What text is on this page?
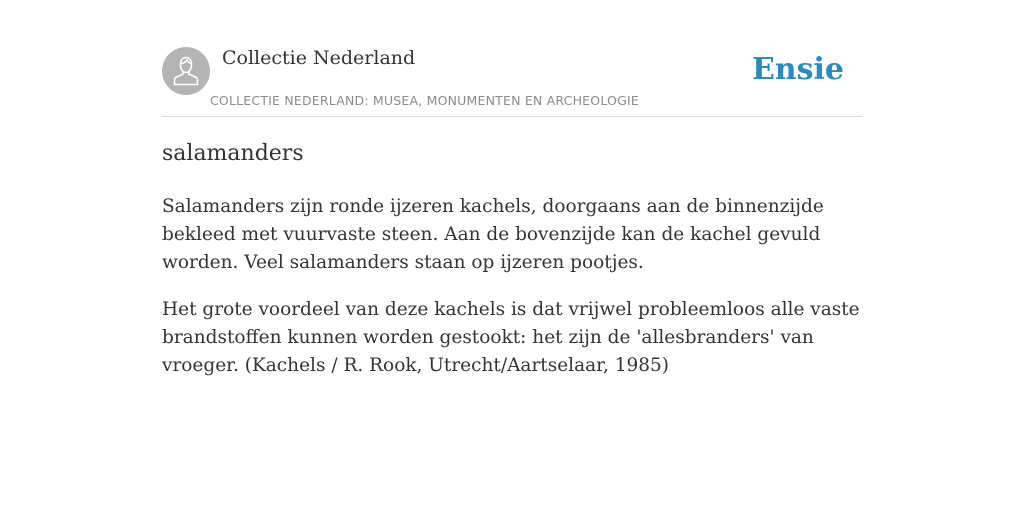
Collectie Nederland
COLLECTIE NEDERLAND: MUSEA, MONUMENTEN EN ARCHEOLOGIE
Ensie
salamanders

Salamanders zijn ronde ijzeren kachels, doorgaans aan de binnenzijde bekleed met vuurvaste steen. Aan de bovenzijde kan de kachel gevuld worden. Veel salamanders staan op ijzeren pootjes.

Het grote voordeel van deze kachels is dat vrijwel probleemloos alle vaste brandstoffen kunnen worden gestookt: het zijn de 'allesbranders' van vroeger. (Kachels / R. Rook, Utrecht/Aartselaar, 1985)
